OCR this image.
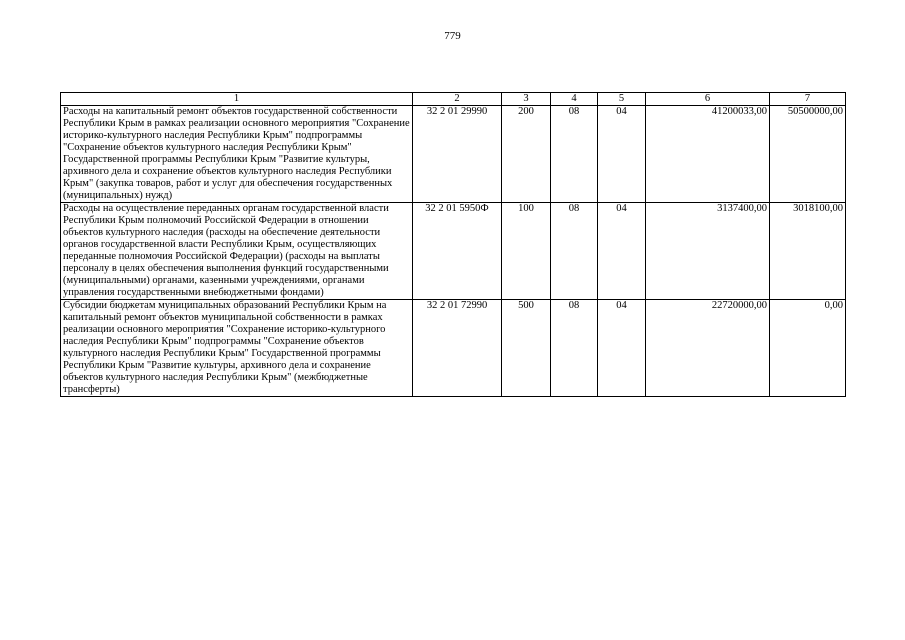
779
1	2	3	4	5	6	7
Расходы на капитальный ремонт объектов государственной собственности Республики Крым в рамках реализации основного мероприятия "Сохранение историко-культурного наследия Республики Крым" подпрограммы "Сохранение объектов культурного наследия Республики Крым" Государственной программы Республики Крым "Развитие культуры, архивного дела и сохранение объектов культурного наследия Республики Крым" (закупка товаров, работ и услуг для обеспечения государственных (муниципальных) нужд)	32 2 01 29990	200	08	04	41200033,00	50500000,00
Расходы на осуществление переданных органам государственной власти Республики Крым полномочий Российской Федерации в отношении объектов культурного наследия (расходы на обеспечение деятельности органов государственной власти Республики Крым, осуществляющих переданные полномочия Российской Федерации) (расходы на выплаты персоналу в целях обеспечения выполнения функций государственными (муниципальными) органами, казенными учреждениями, органами управления государственными внебюджетными фондами)	32 2 01 5950Ф	100	08	04	3137400,00	3018100,00
Субсидии бюджетам муниципальных образований Республики Крым на капитальный ремонт объектов муниципальной собственности в рамках реализации основного мероприятия "Сохранение историко-культурного наследия Республики Крым" подпрограммы "Сохранение объектов культурного наследия Республики Крым" Государственной программы Республики Крым "Развитие культуры, архивного дела и сохранение объектов культурного наследия Республики Крым" (межбюджетные трансферты)	32 2 01 72990	500	08	04	22720000,00	0,00
